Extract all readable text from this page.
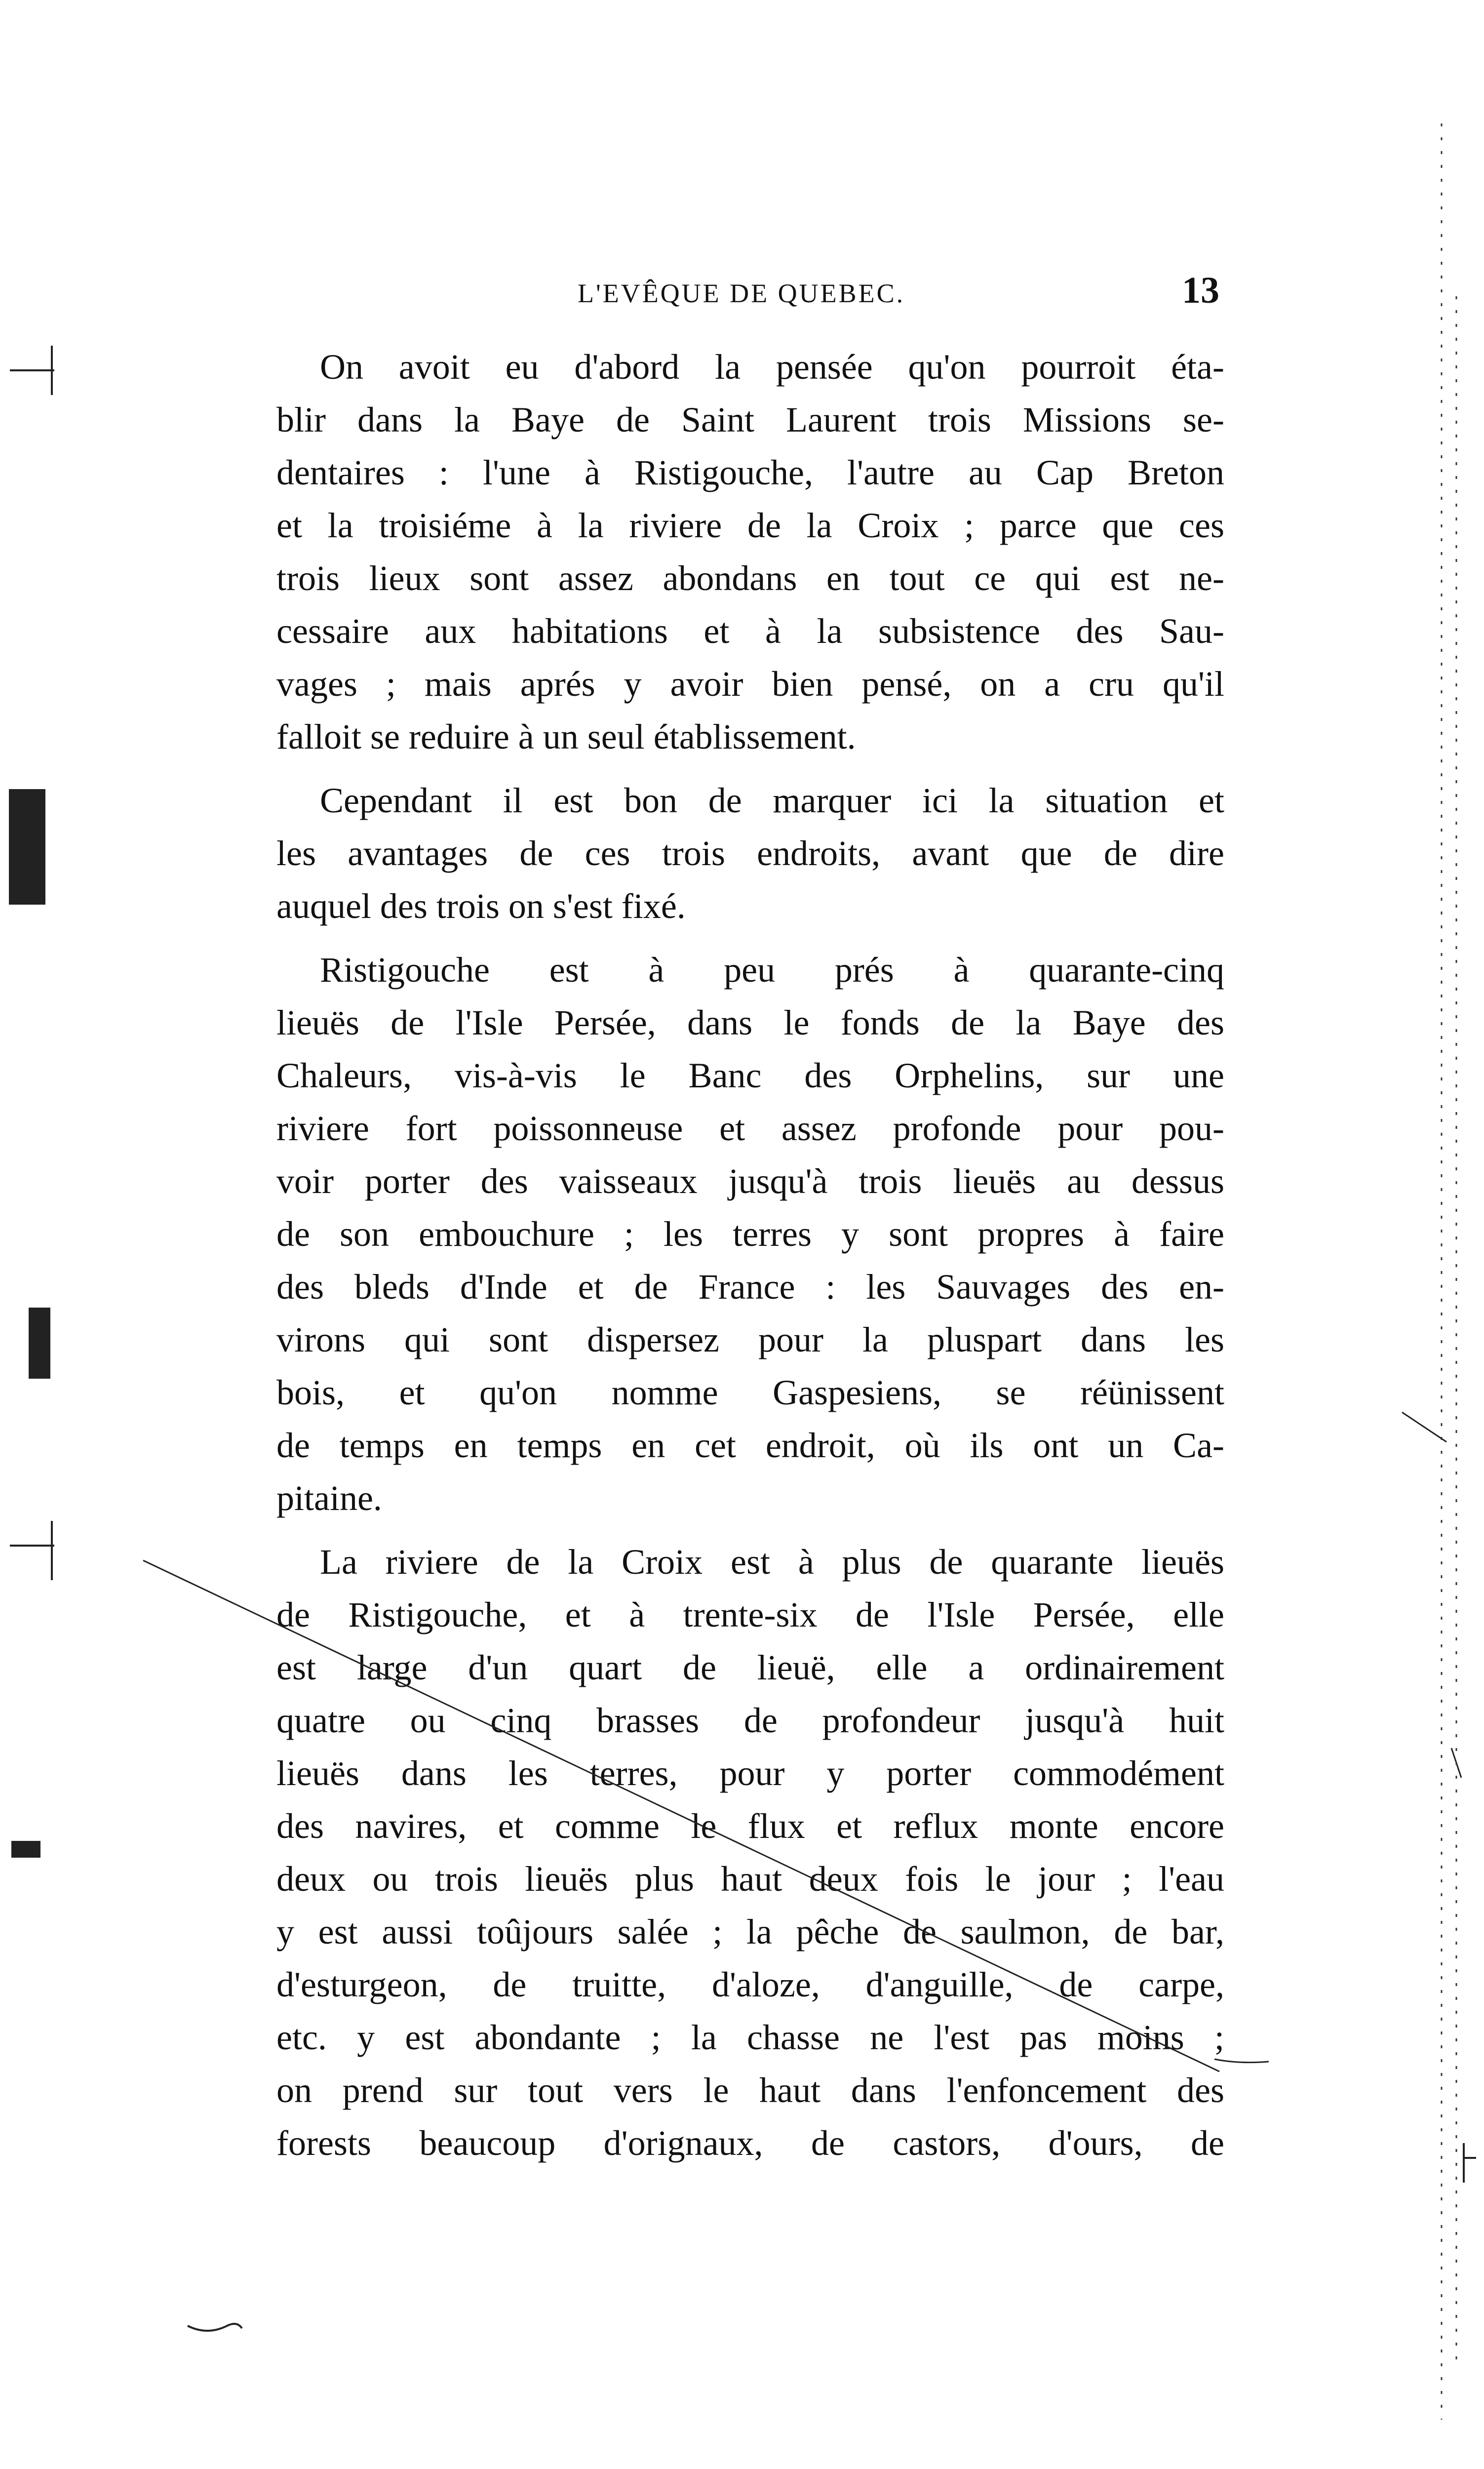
L'EVÊQUE DE QUEBEC.	13
On avoit eu d'abord la pensée qu'on pourroit éta-
blir dans la Baye de Saint Laurent trois Missions se-
dentaires : l'une à Ristigouche, l'autre au Cap Breton
et la troisiéme à la riviere de la Croix ; parce que ces
trois lieux sont assez abondans en tout ce qui est ne-
cessaire aux habitations et à la subsistence des Sau-
vages ; mais aprés y avoir bien pensé, on a cru qu'il
falloit se reduire à un seul établissement.
Cependant il est bon de marquer ici la situation et
les avantages de ces trois endroits, avant que de dire
auquel des trois on s'est fixé.
Ristigouche est à peu prés à quarante-cinq
lieuës de l'Isle Persée, dans le fonds de la Baye des
Chaleurs, vis-à-vis le Banc des Orphelins, sur une
riviere fort poissonneuse et assez profonde pour pou-
voir porter des vaisseaux jusqu'à trois lieuës au dessus
de son embouchure ; les terres y sont propres à faire
des bleds d'Inde et de France : les Sauvages des en-
virons qui sont dispersez pour la pluspart dans les
bois, et qu'on nomme Gaspesiens, se réünissent
de temps en temps en cet endroit, où ils ont un Ca-
pitaine.
La riviere de la Croix est à plus de quarante lieuës
de Ristigouche, et à trente-six de l'Isle Persée, elle
est large d'un quart de lieuë, elle a ordinairement
quatre ou cinq brasses de profondeur jusqu'à huit
lieuës dans les terres, pour y porter commodément
des navires, et comme le flux et reflux monte encore
deux ou trois lieuës plus haut deux fois le jour ; l'eau
y est aussi toûjours salée ; la pêche de saulmon, de bar,
d'esturgeon, de truitte, d'aloze, d'anguille, de carpe,
etc. y est abondante ; la chasse ne l'est pas moins ;
on prend sur tout vers le haut dans l'enfoncement des
forests beaucoup d'orignaux, de castors, d'ours, de
